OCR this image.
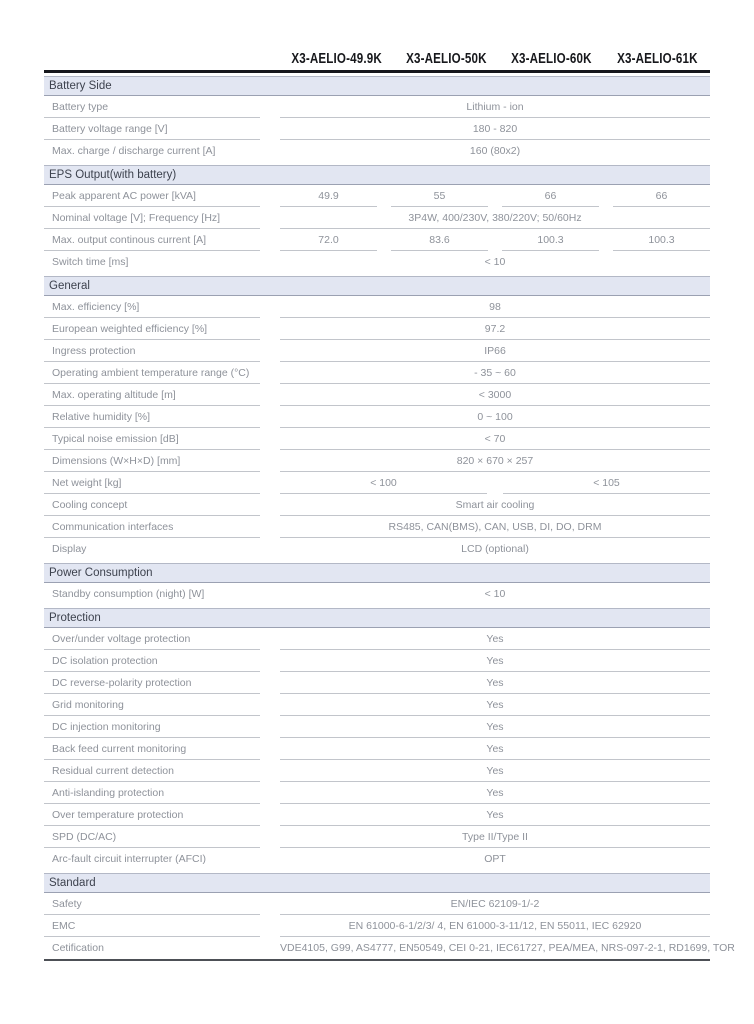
X3-AELIO-49.9K X3-AELIO-50K X3-AELIO-60K X3-AELIO-61K
Battery Side
Battery type	Lithium - ion
Battery voltage range [V]	180 - 820
Max. charge / discharge current [A]	160 (80x2)
EPS Output(with battery)
Peak apparent AC power [kVA]	49.9	55	66	66
Nominal voltage [V]; Frequency [Hz]	3P4W, 400/230V, 380/220V; 50/60Hz
Max. output continous current [A]	72.0	83.6	100.3	100.3
Switch time [ms]	< 10
General
Max. efficiency [%]	98
European weighted efficiency [%]	97.2
Ingress protection	IP66
Operating ambient temperature range (°C)	- 35 ~ 60
Max. operating altitude [m]	< 3000
Relative humidity [%]	0 ~ 100
Typical noise emission [dB]	< 70
Dimensions (W×H×D) [mm]	820 × 670 × 257
Net weight [kg]	< 100	< 105
Cooling concept	Smart air cooling
Communication interfaces	RS485, CAN(BMS), CAN, USB, DI, DO, DRM
Display	LCD (optional)
Power Consumption
Standby consumption (night) [W]	< 10
Protection
Over/under voltage protection	Yes
DC isolation protection	Yes
DC reverse-polarity protection	Yes
Grid monitoring	Yes
DC injection monitoring	Yes
Back feed current monitoring	Yes
Residual current detection	Yes
Anti-islanding protection	Yes
Over temperature protection	Yes
SPD (DC/AC)	Type II/Type II
Arc-fault circuit interrupter (AFCI)	OPT
Standard
Safety	EN/IEC 62109-1/-2
EMC	EN 61000-6-1/2/3/ 4, EN 61000-3-11/12, EN 55011, IEC 62920
Cetification	VDE4105, G99, AS4777, EN50549, CEI 0-21, IEC61727, PEA/MEA, NRS-097-2-1, RD1699, TOR
